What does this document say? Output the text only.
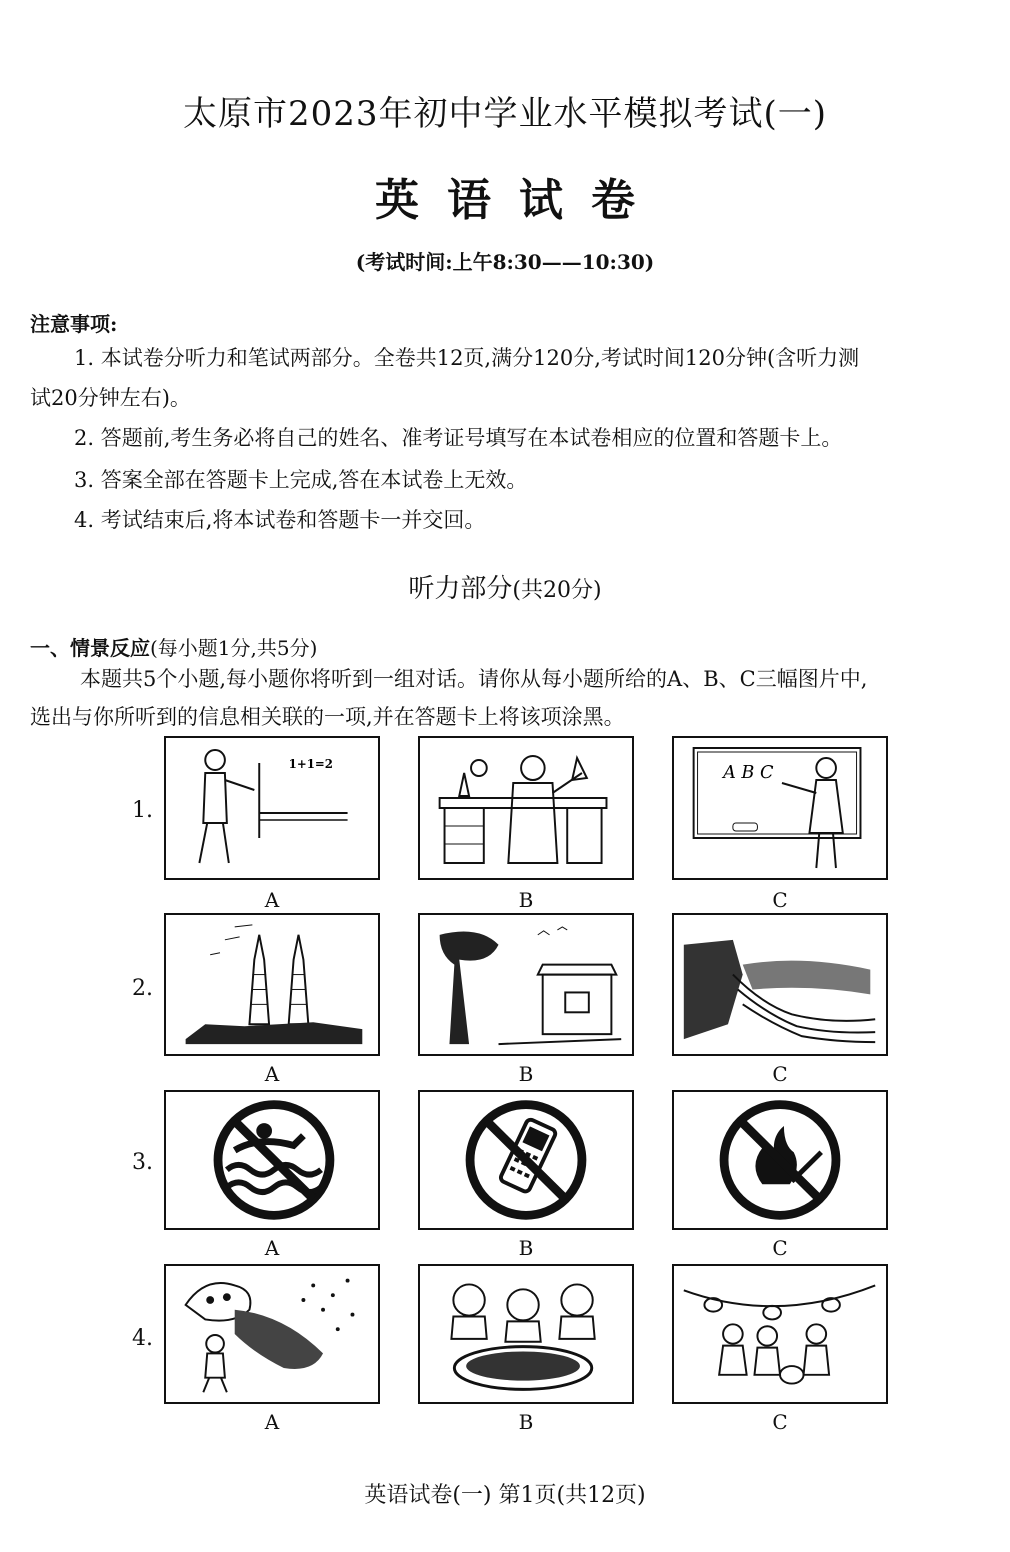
太原市2023年初中学业水平模拟考试(一)
英语试卷
(考试时间:上午8:30——10:30)
注意事项:
1. 本试卷分听力和笔试两部分。全卷共12页,满分120分,考试时间120分钟(含听力测
试20分钟左右)。
2. 答题前,考生务必将自己的姓名、准考证号填写在本试卷相应的位置和答题卡上。
3. 答案全部在答题卡上完成,答在本试卷上无效。
4. 考试结束后,将本试卷和答题卡一并交回。
听力部分(共20分)
一、情景反应(每小题1分,共5分)
本题共5个小题,每小题你将听到一组对话。请你从每小题所给的A、B、C三幅图片中,
选出与你所听到的信息相关联的一项,并在答题卡上将该项涂黑。
1.
1+1=2
A	B
A B C
C
2.
A	B	C
3.
A	B	C
4.
A	B	C
英语试卷(一) 第1页(共12页)
